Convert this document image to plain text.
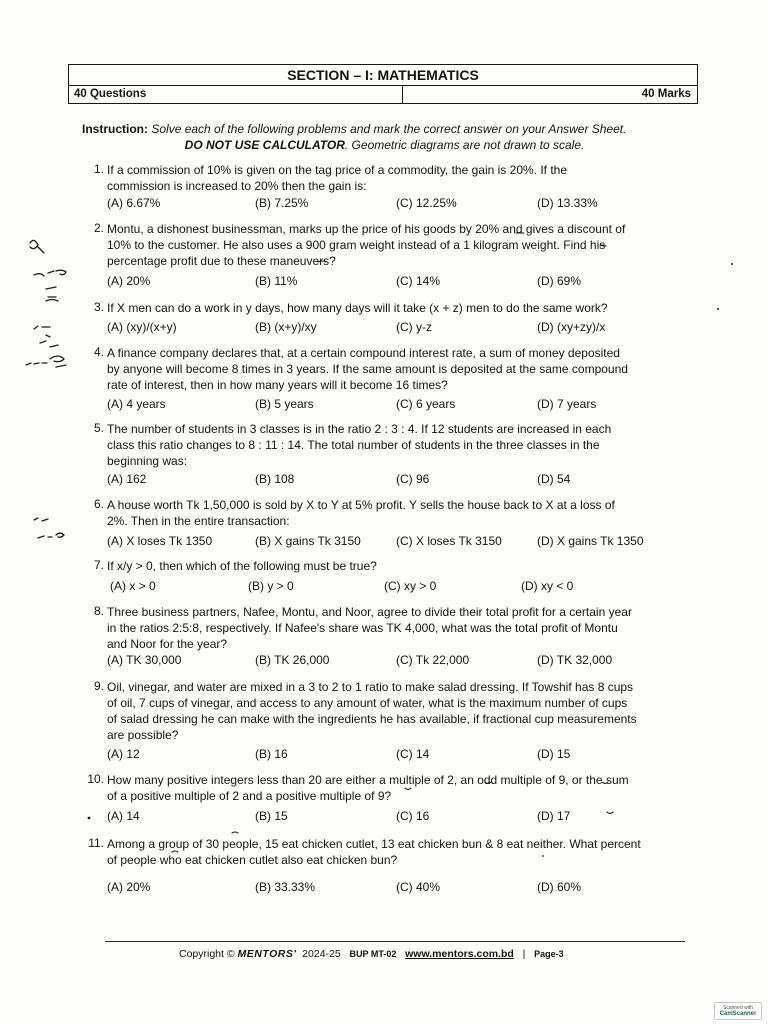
SECTION – I: MATHEMATICS
40 Questions	40 Marks
Instruction: Solve each of the following problems and mark the correct answer on your Answer Sheet.
DO NOT USE CALCULATOR. Geometric diagrams are not drawn to scale.
1. If a commission of 10% is given on the tag price of a commodity, the gain is 20%. If the
commission is increased to 20% then the gain is:
(A) 6.67%	(B) 7.25%	(C) 12.25%	(D) 13.33%
2. Montu, a dishonest businessman, marks up the price of his goods by 20% and gives a discount of
10% to the customer. He also uses a 900 gram weight instead of a 1 kilogram weight. Find his
percentage profit due to these maneuvers?
(A) 20%	(B) 11%	(C) 14%	(D) 69%
3. If X men can do a work in y days, how many days will it take (x + z) men to do the same work?
(A) (xy)/(x+y)	(B) (x+y)/xy	(C) y-z	(D) (xy+zy)/x
4. A finance company declares that, at a certain compound interest rate, a sum of money deposited
by anyone will become 8 times in 3 years. If the same amount is deposited at the same compound
rate of interest, then in how many years will it become 16 times?
(A) 4 years	(B) 5 years	(C) 6 years	(D) 7 years
5. The number of students in 3 classes is in the ratio 2 : 3 : 4. If 12 students are increased in each
class this ratio changes to 8 : 11 : 14. The total number of students in the three classes in the
beginning was:
(A) 162	(B) 108	(C) 96	(D) 54
6. A house worth Tk 1,50,000 is sold by X to Y at 5% profit. Y sells the house back to X at a loss of
2%. Then in the entire transaction:
(A) X loses Tk 1350	(B) X gains Tk 3150	(C) X loses Tk 3150	(D) X gains Tk 1350
7. If x/y > 0, then which of the following must be true?
(A) x > 0	(B) y > 0	(C) xy > 0	(D) xy < 0
8. Three business partners, Nafee, Montu, and Noor, agree to divide their total profit for a certain year
in the ratios 2:5:8, respectively. If Nafee's share was TK 4,000, what was the total profit of Montu
and Noor for the year?
(A) TK 30,000	(B) TK 26,000	(C) Tk 22,000	(D) TK 32,000
9. Oil, vinegar, and water are mixed in a 3 to 2 to 1 ratio to make salad dressing. If Towshif has 8 cups
of oil, 7 cups of vinegar, and access to any amount of water, what is the maximum number of cups
of salad dressing he can make with the ingredients he has available, if fractional cup measurements
are possible?
(A) 12	(B) 16	(C) 14	(D) 15
10. How many positive integers less than 20 are either a multiple of 2, an odd multiple of 9, or the sum
of a positive multiple of 2 and a positive multiple of 9?
(A) 14	(B) 15	(C) 16	(D) 17
11. Among a group of 30 people, 15 eat chicken cutlet, 13 eat chicken bun & 8 eat neither. What percent
of people who eat chicken cutlet also eat chicken bun?
(A) 20%	(B) 33.33%	(C) 40%	(D) 60%
Copyright © MENTORS' 2024-25 BUP MT-02 www.mentors.com.bd | Page-3
Scanned with
CamScanner
